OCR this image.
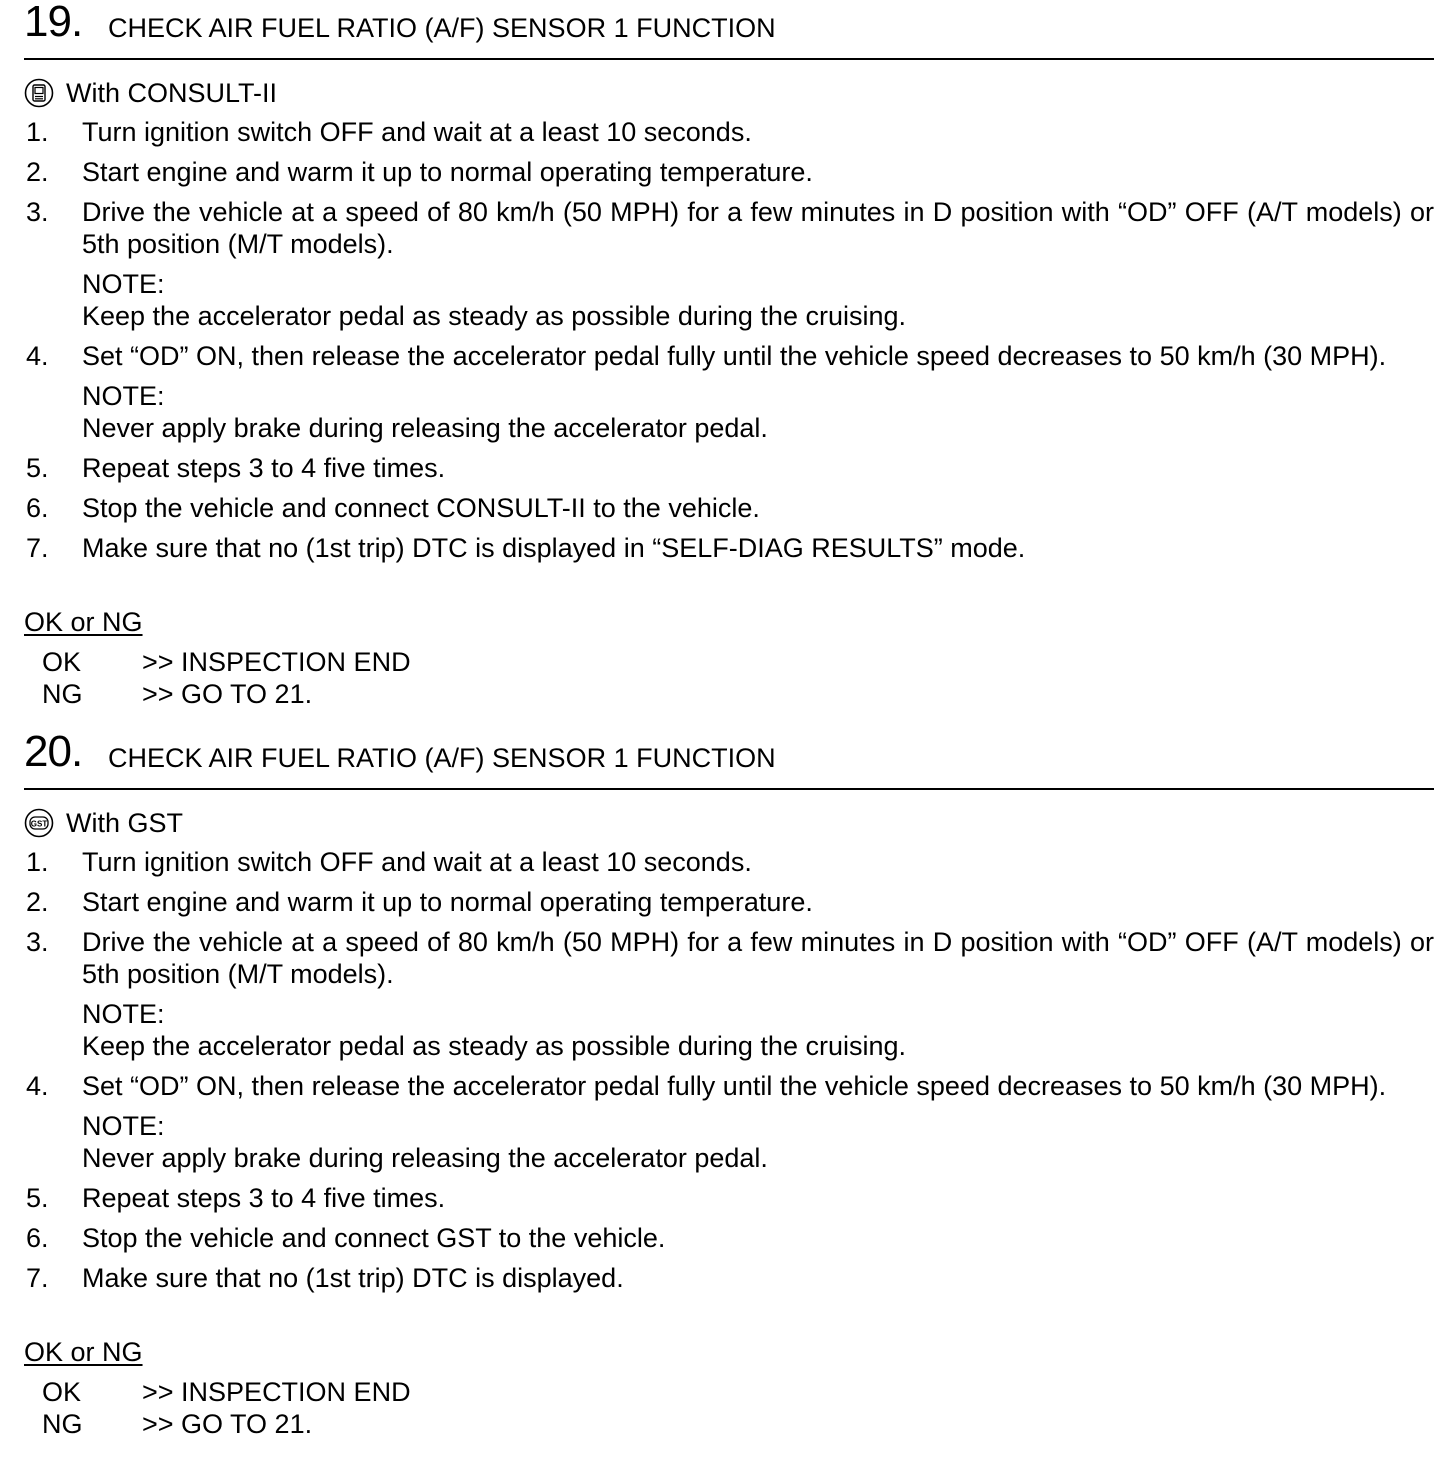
19. CHECK AIR FUEL RATIO (A/F) SENSOR 1 FUNCTION
With CONSULT-II
1. Turn ignition switch OFF and wait at a least 10 seconds.
2. Start engine and warm it up to normal operating temperature.
3. Drive the vehicle at a speed of 80 km/h (50 MPH) for a few minutes in D position with “OD” OFF (A/T models) or 5th position (M/T models).
NOTE:
Keep the accelerator pedal as steady as possible during the cruising.
4. Set “OD” ON, then release the accelerator pedal fully until the vehicle speed decreases to 50 km/h (30 MPH).
NOTE:
Never apply brake during releasing the accelerator pedal.
5. Repeat steps 3 to 4 five times.
6. Stop the vehicle and connect CONSULT-II to the vehicle.
7. Make sure that no (1st trip) DTC is displayed in “SELF-DIAG RESULTS” mode.
OK or NG
OK >> INSPECTION END
NG >> GO TO 21.
20. CHECK AIR FUEL RATIO (A/F) SENSOR 1 FUNCTION
GST With GST
1. Turn ignition switch OFF and wait at a least 10 seconds.
2. Start engine and warm it up to normal operating temperature.
3. Drive the vehicle at a speed of 80 km/h (50 MPH) for a few minutes in D position with “OD” OFF (A/T models) or 5th position (M/T models).
NOTE:
Keep the accelerator pedal as steady as possible during the cruising.
4. Set “OD” ON, then release the accelerator pedal fully until the vehicle speed decreases to 50 km/h (30 MPH).
NOTE:
Never apply brake during releasing the accelerator pedal.
5. Repeat steps 3 to 4 five times.
6. Stop the vehicle and connect GST to the vehicle.
7. Make sure that no (1st trip) DTC is displayed.
OK or NG
OK >> INSPECTION END
NG >> GO TO 21.
